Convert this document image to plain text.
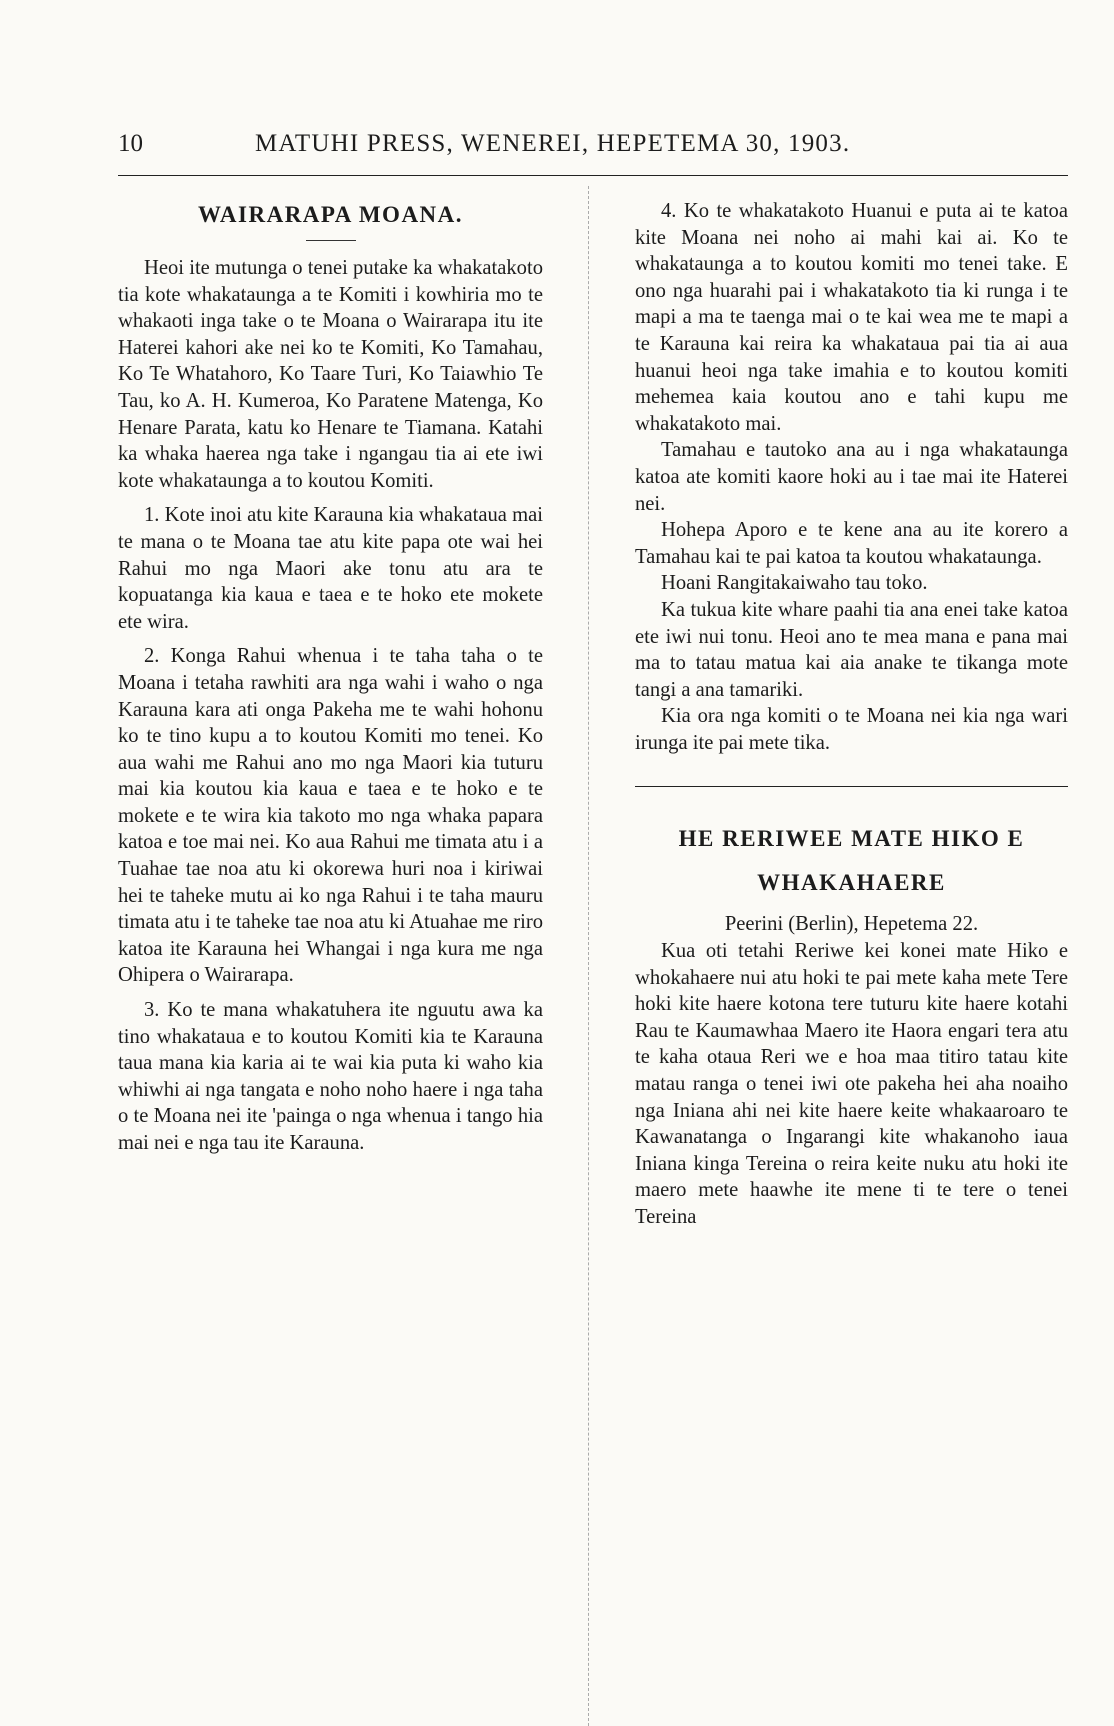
10	MATUHI PRESS, WENEREI, HEPETEMA 30, 1903.
WAIRARAPA MOANA.

Heoi ite mutunga o tenei putake ka whakatakoto tia kote whakataunga a te Komiti i kowhiria mo te whakaoti inga take o te Moana o Wairarapa itu ite Haterei kahori ake nei ko te Komiti, Ko Tamahau, Ko Te Whatahoro, Ko Taare Turi, Ko Taiawhio Te Tau, ko A. H. Kumeroa, Ko Paratene Matenga, Ko Henare Parata, katu ko Henare te Tiamana. Katahi ka whaka haerea nga take i ngangau tia ai ete iwi kote whakataunga a to koutou Komiti.

1. Kote inoi atu kite Karauna kia whakataua mai te mana o te Moana tae atu kite papa ote wai hei Rahui mo nga Maori ake tonu atu ara te kopuatanga kia kaua e taea e te hoko ete mokete ete wira.

2. Konga Rahui whenua i te taha taha o te Moana i tetaha rawhiti ara nga wahi i waho o nga Karauna kara ati onga Pakeha me te wahi hohonu ko te tino kupu a to koutou Komiti mo tenei. Ko aua wahi me Rahui ano mo nga Maori kia tuturu mai kia koutou kia kaua e taea e te hoko e te mokete e te wira kia takoto mo nga whaka papara katoa e toe mai nei. Ko aua Rahui me timata atu i a Tuahae tae noa atu ki okorewa huri noa i kiriwai hei te taheke mutu ai ko nga Rahui i te taha mauru timata atu i te taheke tae noa atu ki Atuahae me riro katoa ite Karauna hei Whangai i nga kura me nga Ohipera o Wairarapa.

3. Ko te mana whakatuhera ite nguutu awa ka tino whakataua e to koutou Komiti kia te Karauna taua mana kia karia ai te wai kia puta ki waho kia whiwhi ai nga tangata e noho noho haere i nga taha o te Moana nei ite 'painga o nga whenua i tango hia mai nei e nga tau ite Karauna.

4. Ko te whakatakoto Huanui e puta ai te katoa kite Moana nei noho ai mahi kai ai. Ko te whakataunga a to koutou komiti mo tenei take. E ono nga huarahi pai i whakatakoto tia ki runga i te mapi a ma te taenga mai o te kai wea me te mapi a te Karauna kai reira ka whakataua pai tia ai aua huanui heoi nga take imahia e to koutou komiti mehemea kaia koutou ano e tahi kupu me whakatakoto mai.

Tamahau e tautoko ana au i nga whakataunga katoa ate komiti kaore hoki au i tae mai ite Haterei nei.

Hohepa Aporo e te kene ana au ite korero a Tamahau kai te pai katoa ta koutou whakataunga.

Hoani Rangitakaiwaho tau toko.

Ka tukua kite whare paahi tia ana enei take katoa ete iwi nui tonu. Heoi ano te mea mana e pana mai ma to tatau matua kai aia anake te tikanga mote tangi a ana tamariki.

Kia ora nga komiti o te Moana nei kia nga wari irunga ite pai mete tika.

HE RERIWEE MATE HIKO E
WHAKAHAERE
Peerini (Berlin), Hepetema 22.

Kua oti tetahi Reriwe kei konei mate Hiko e whokahaere nui atu hoki te pai mete kaha mete Tere hoki kite haere kotona tere tuturu kite haere kotahi Rau te Kaumawhaa Maero ite Haora engari tera atu te kaha otaua Reri we e hoa maa titiro tatau kite matau ranga o tenei iwi ote pakeha hei aha noaiho nga Iniana ahi nei kite haere keite whakaaroaro te Kawanatanga o Ingarangi kite whakanoho iaua Iniana kinga Tereina o reira keite nuku atu hoki ite maero mete haawhe ite mene ti te tere o tenei Tereina
